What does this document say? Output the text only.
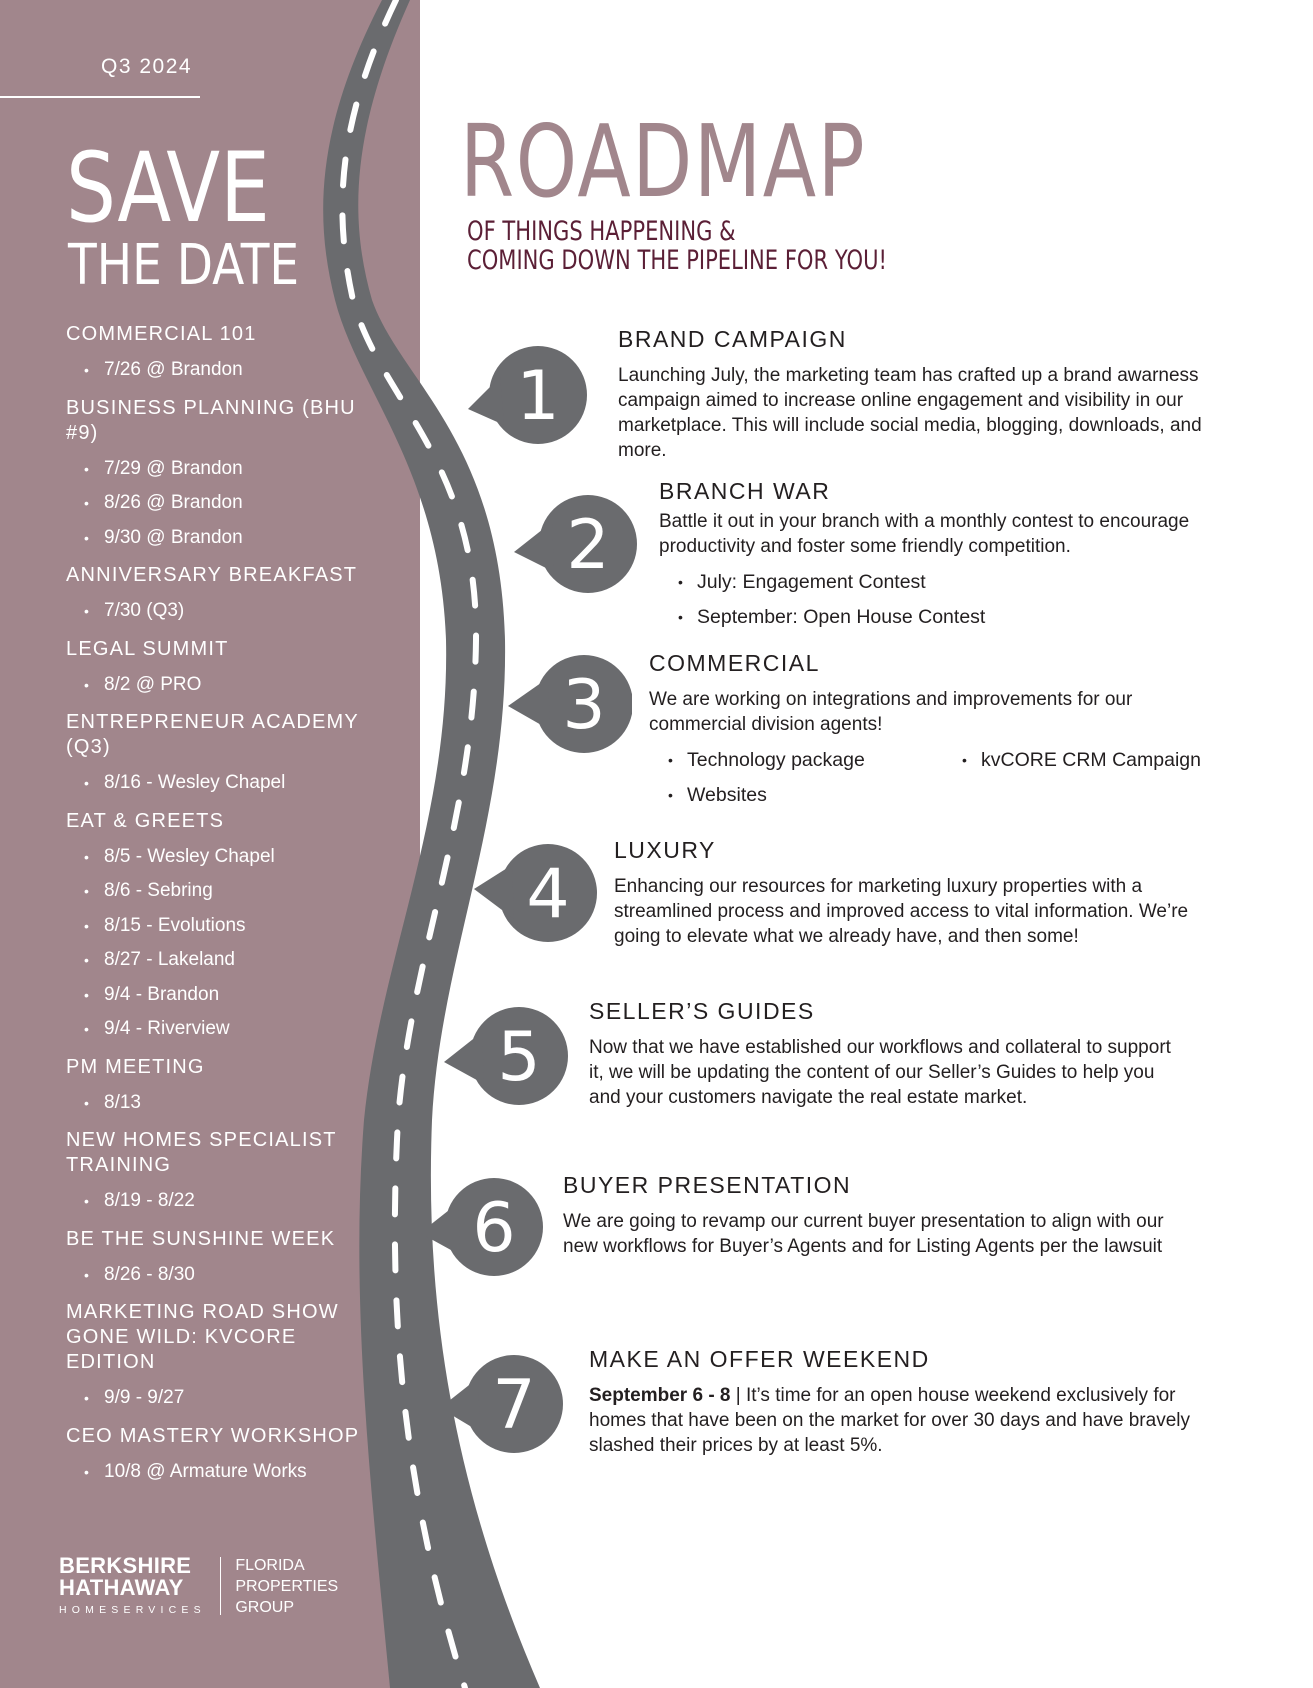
Q3 2024
SAVE
THE DATE
COMMERCIAL 101
• 7/26 @ Brandon
BUSINESS PLANNING (BHU #9)
• 7/29 @ Brandon
• 8/26 @ Brandon
• 9/30 @ Brandon
ANNIVERSARY BREAKFAST
• 7/30 (Q3)
LEGAL SUMMIT
• 8/2 @ PRO
ENTREPRENEUR ACADEMY (Q3)
• 8/16 - Wesley Chapel
EAT & GREETS
• 8/5 - Wesley Chapel
• 8/6 - Sebring
• 8/15 - Evolutions
• 8/27 - Lakeland
• 9/4 - Brandon
• 9/4 - Riverview
PM MEETING
• 8/13
NEW HOMES SPECIALIST TRAINING
• 8/19 - 8/22
BE THE SUNSHINE WEEK
• 8/26 - 8/30
MARKETING ROAD SHOW GONE WILD: KVCORE EDITION
• 9/9 - 9/27
CEO MASTERY WORKSHOP
• 10/8 @ Armature Works
BERKSHIRE
HATHAWAY
HOMESERVICES
FLORIDA
PROPERTIES
GROUP
ROADMAP
OF THINGS HAPPENING &
COMING DOWN THE PIPELINE FOR YOU!
1
2
3
4
5
6
7
BRAND CAMPAIGN
Launching July, the marketing team has crafted up a brand awarness campaign aimed to increase online engagement and visibility in our marketplace. This will include social media, blogging, downloads, and more.
BRANCH WAR
Battle it out in your branch with a monthly contest to encourage productivity and foster some friendly competition.
• July: Engagement Contest
• September: Open House Contest
COMMERCIAL
We are working on integrations and improvements for our commercial division agents!
• Technology package
•	kvCORE CRM Campaign
• Websites
LUXURY
Enhancing our resources for marketing luxury properties with a streamlined process and improved access to vital information. We’re going to elevate what we already have, and then some!
SELLER’S GUIDES
Now that we have established our workflows and collateral to support it, we will be updating the content of our Seller’s Guides to help you and your customers navigate the real estate market.
BUYER PRESENTATION
We are going to revamp our current buyer presentation to align with our new workflows for Buyer’s Agents and for Listing Agents per the lawsuit
MAKE AN OFFER WEEKEND
September 6 - 8 | It’s time for an open house weekend exclusively for homes that have been on the market for over 30 days and have bravely slashed their prices by at least 5%.
